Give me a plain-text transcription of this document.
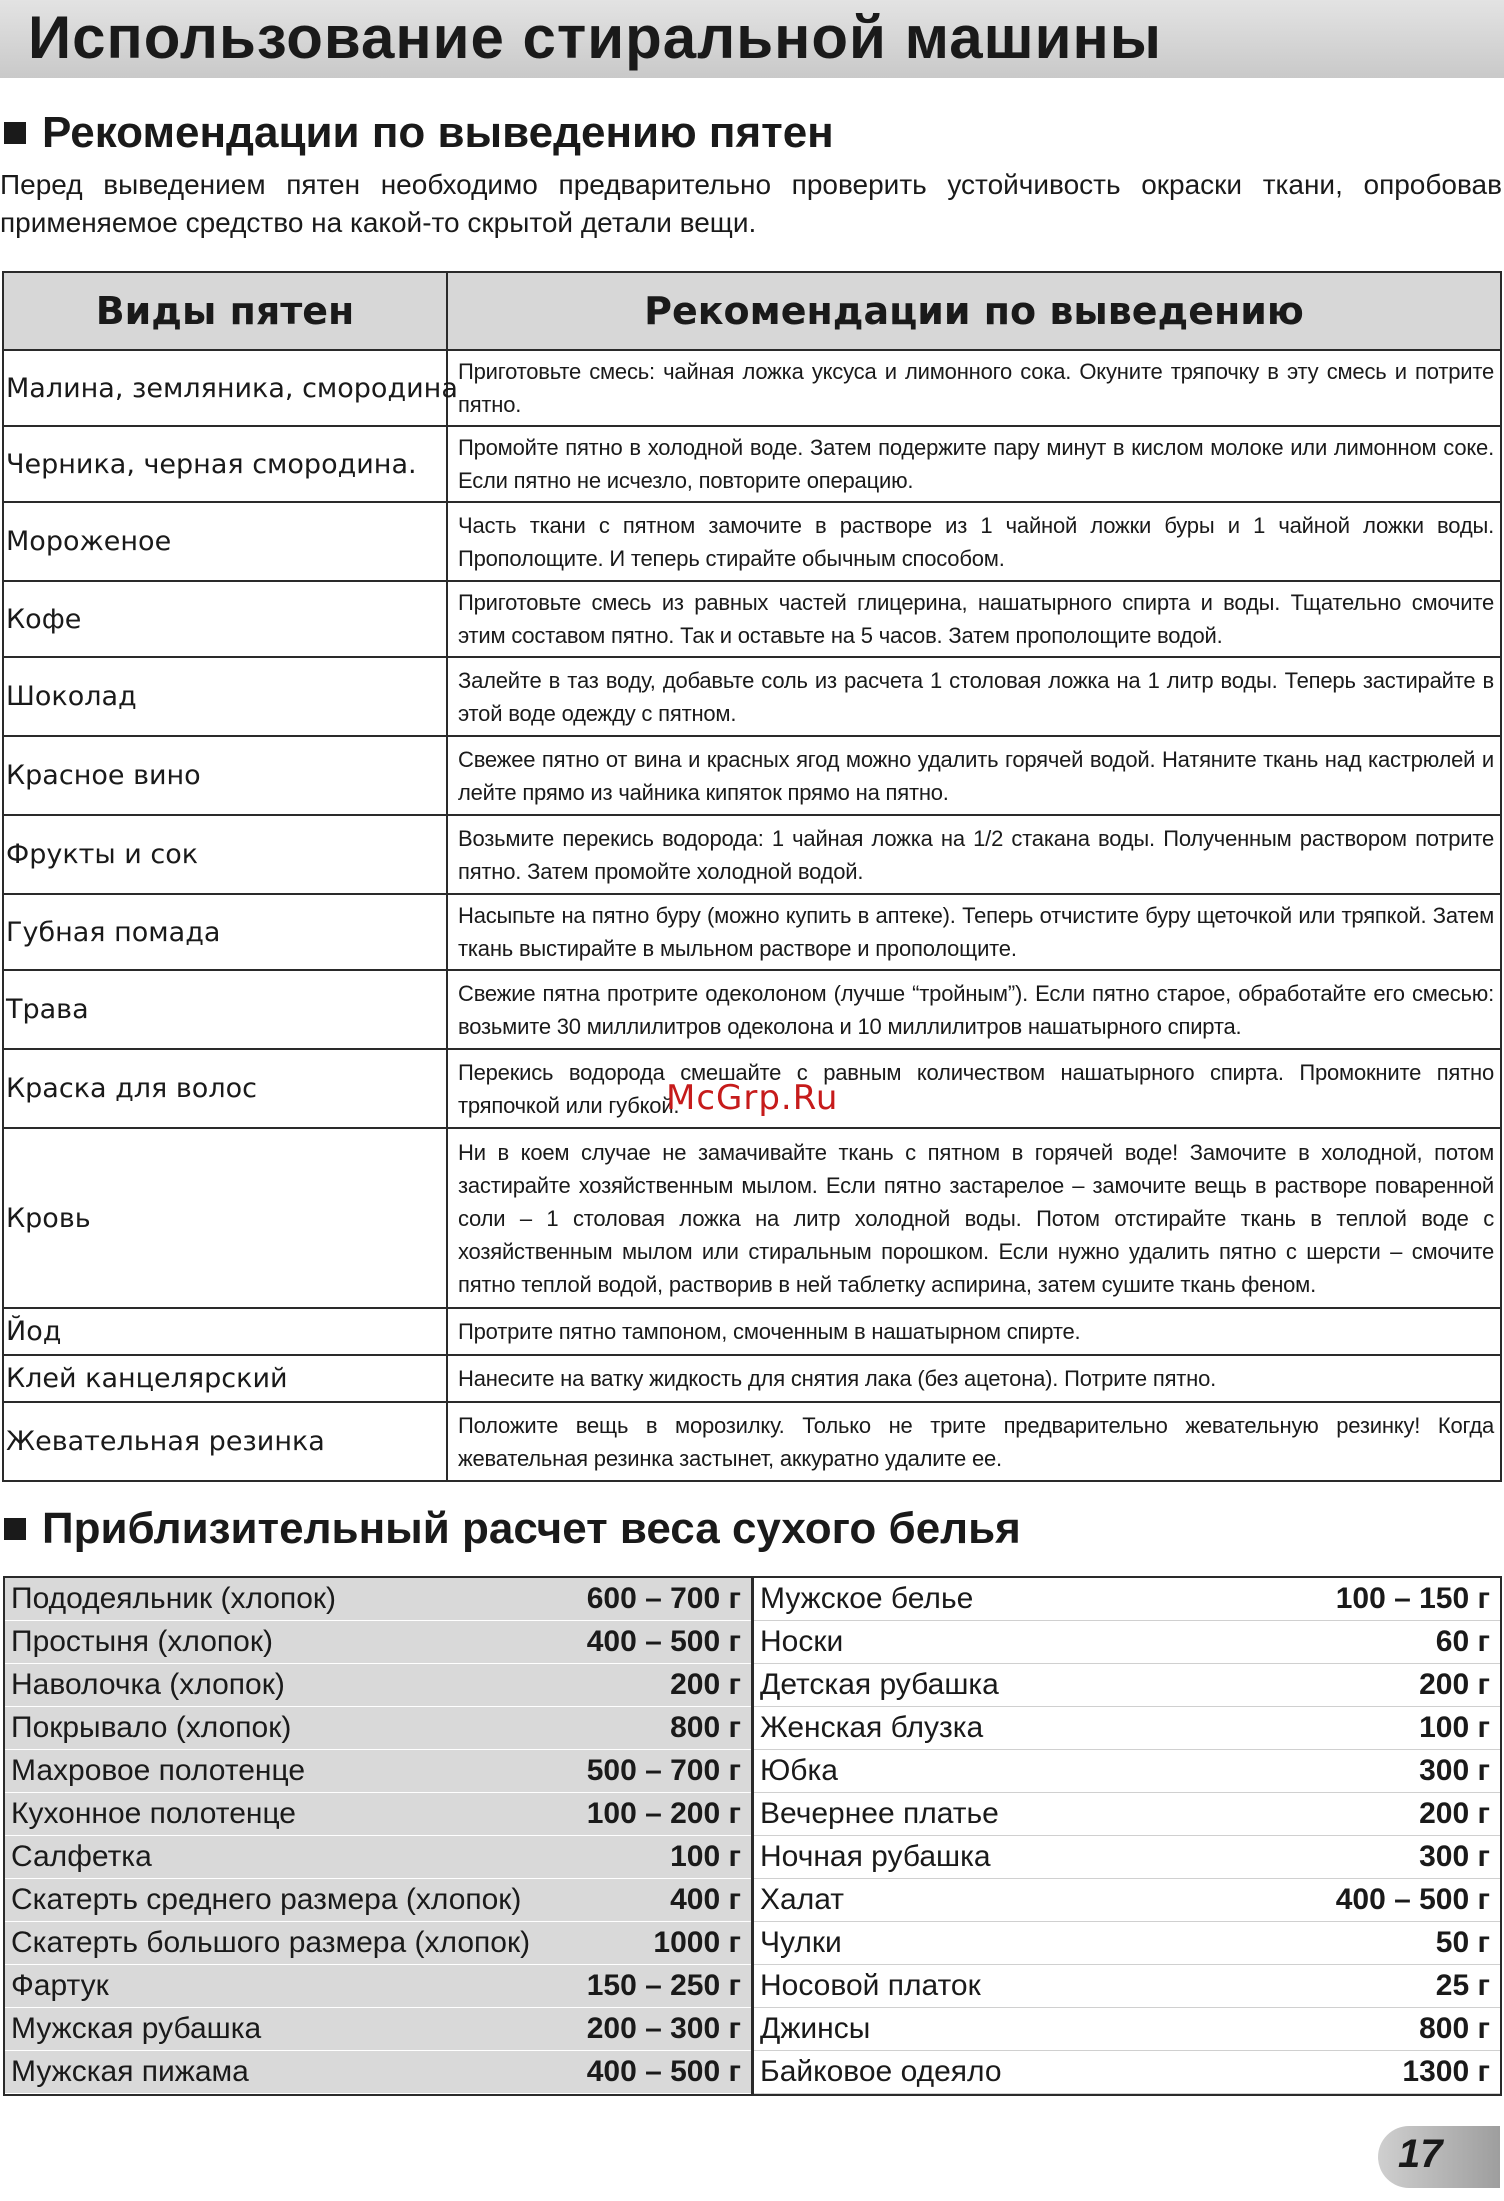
Использование стиральной машины
Рекомендации по выведению пятен

Перед выведением пятен необходимо предварительно проверить устойчивость окраски ткани, опробовав применяемое средство на какой-то скрытой детали вещи.

Виды пятен	Рекомендации по выведению
Малина, земляника, смородина	Приготовьте смесь: чайная ложка уксуса и лимонного сока. Окуните тряпочку в эту смесь и потрите пятно.
Черника, черная смородина.	Промойте пятно в холодной воде. Затем подержите пару минут в кислом молоке или лимонном соке. Если пятно не исчезло, повторите операцию.
Мороженое	Часть ткани с пятном замочите в растворе из 1 чайной ложки буры и 1 чайной ложки воды. Прополощите. И теперь стирайте обычным способом.
Кофе	Приготовьте смесь из равных частей глицерина, нашатырного спирта и воды. Тщательно смочите этим составом пятно. Так и оставьте на 5 часов. Затем прополощите водой.
Шоколад	Залейте в таз воду, добавьте соль из расчета 1 столовая ложка на 1 литр воды. Теперь застирайте в этой воде одежду с пятном.
Красное вино	Свежее пятно от вина и красных ягод можно удалить горячей водой. Натяните ткань над кастрюлей и лейте прямо из чайника кипяток прямо на пятно.
Фрукты и сок	Возьмите перекись водорода: 1 чайная ложка на 1/2 стакана воды. Полученным раствором потрите пятно. Затем промойте холодной водой.
Губная помада	Насыпьте на пятно буру (можно купить в аптеке). Теперь отчистите буру щеточкой или тряпкой. Затем ткань выстирайте в мыльном растворе и прополощите.
Трава	Свежие пятна протрите одеколоном (лучше “тройным”). Если пятно старое, обработайте его смесью: возьмите 30 миллилитров одеколона и 10 миллилитров нашатырного спирта.
Краска для волос	Перекись водорода смешайте с равным количеством нашатырного спирта. Промокните пятно тряпочкой или губкой.
Кровь	Ни в коем случае не замачивайте ткань с пятном в горячей воде! Замочите в холодной, потом застирайте хозяйственным мылом. Если пятно застарелое – замочите вещь в растворе поваренной соли – 1 столовая ложка на литр холодной воды. Потом отстирайте ткань в теплой воде с хозяйственным мылом или стиральным порошком. Если нужно удалить пятно с шерсти – смочите пятно теплой водой, растворив в ней таблетку аспирина, затем сушите ткань феном.
Йод	Протрите пятно тампоном, смоченным в нашатырном спирте.
Клей канцелярский	Нанесите на ватку жидкость для снятия лака (без ацетона). Потрите пятно.
Жевательная резинка	Положите вещь в морозилку. Только не трите предварительно жевательную резинку! Когда жевательная резинка застынет, аккуратно удалите ее.
McGrp.Ru
Приблизительный расчет веса сухого белья
Пододеяльник (хлопок)	600 – 700 г
Простыня (хлопок)	400 – 500 г
Наволочка (хлопок)	200 г
Покрывало (хлопок)	800 г
Махровое полотенце	500 – 700 г
Кухонное полотенце	100 – 200 г
Салфетка	100 г
Скатерть среднего размера (хлопок)	400 г
Скатерть большого размера (хлопок)	1000 г
Фартук	150 – 250 г
Мужская рубашка	200 – 300 г
Мужская пижама	400 – 500 г
Мужское белье	100 – 150 г
Носки	60 г
Детская рубашка	200 г
Женская блузка	100 г
Юбка	300 г
Вечернее платье	200 г
Ночная рубашка	300 г
Халат	400 – 500 г
Чулки	50 г
Носовой платок	25 г
Джинсы	800 г
Байковое одеяло	1300 г
17
